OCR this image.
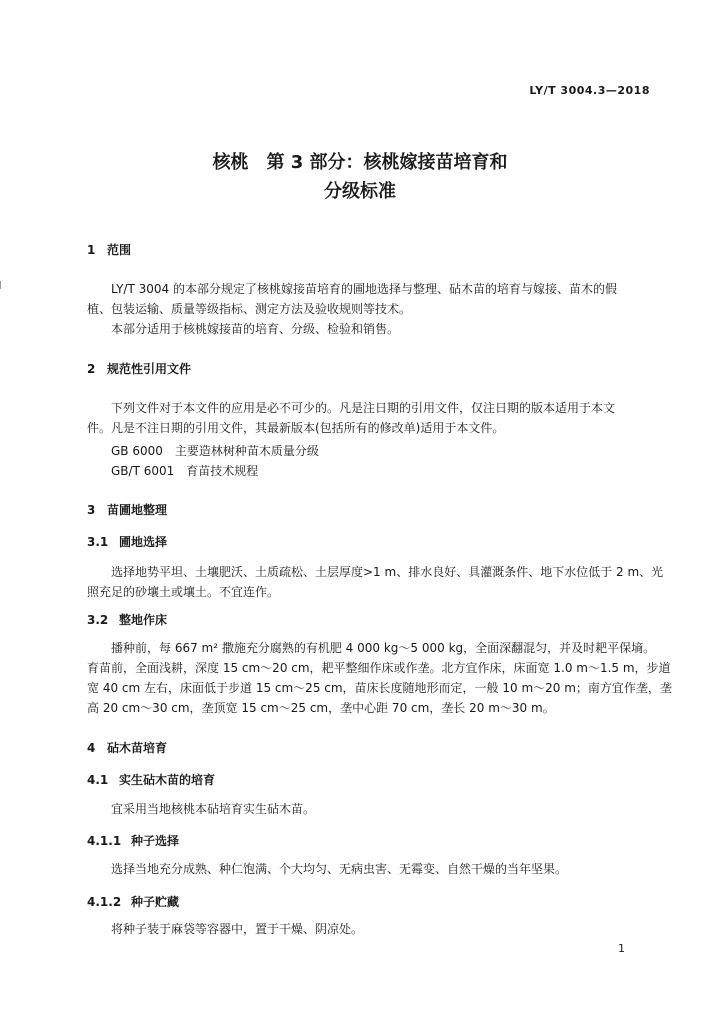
LY/T 3004.3—2018
核桃　第 3 部分：核桃嫁接苗培育和
分级标准
1 范围
LY/T 3004 的本部分规定了核桃嫁接苗培育的圃地选择与整理、砧木苗的培育与嫁接、苗木的假
植、包装运输、质量等级指标、测定方法及验收规则等技术。
本部分适用于核桃嫁接苗的培育、分级、检验和销售。
2 规范性引用文件
下列文件对于本文件的应用是必不可少的。凡是注日期的引用文件，仅注日期的版本适用于本文
件。凡是不注日期的引用文件，其最新版本(包括所有的修改单)适用于本文件。
GB 6000　主要造林树种苗木质量分级
GB/T 6001　育苗技术规程
3 苗圃地整理
3.1 圃地选择
选择地势平坦、土壤肥沃、土质疏松、土层厚度>1 m、排水良好、具灌溉条件、地下水位低于 2 m、光
照充足的砂壤土或壤土。不宜连作。
3.2 整地作床
播种前，每 667 m² 撒施充分腐熟的有机肥 4 000 kg～5 000 kg，全面深翻混匀，并及时耙平保墒。
育苗前，全面浅耕，深度 15 cm～20 cm，耙平整细作床或作垄。北方宜作床，床面宽 1.0 m～1.5 m，步道
宽 40 cm 左右，床面低于步道 15 cm～25 cm，苗床长度随地形而定，一般 10 m～20 m；南方宜作垄，垄
高 20 cm～30 cm，垄顶宽 15 cm～25 cm，垄中心距 70 cm，垄长 20 m～30 m。
4 砧木苗培育
4.1 实生砧木苗的培育
宜采用当地核桃本砧培育实生砧木苗。
4.1.1 种子选择
选择当地充分成熟、种仁饱满、个大均匀、无病虫害、无霉变、自然干燥的当年坚果。
4.1.2 种子贮藏
将种子装于麻袋等容器中，置于干燥、阴凉处。
1
